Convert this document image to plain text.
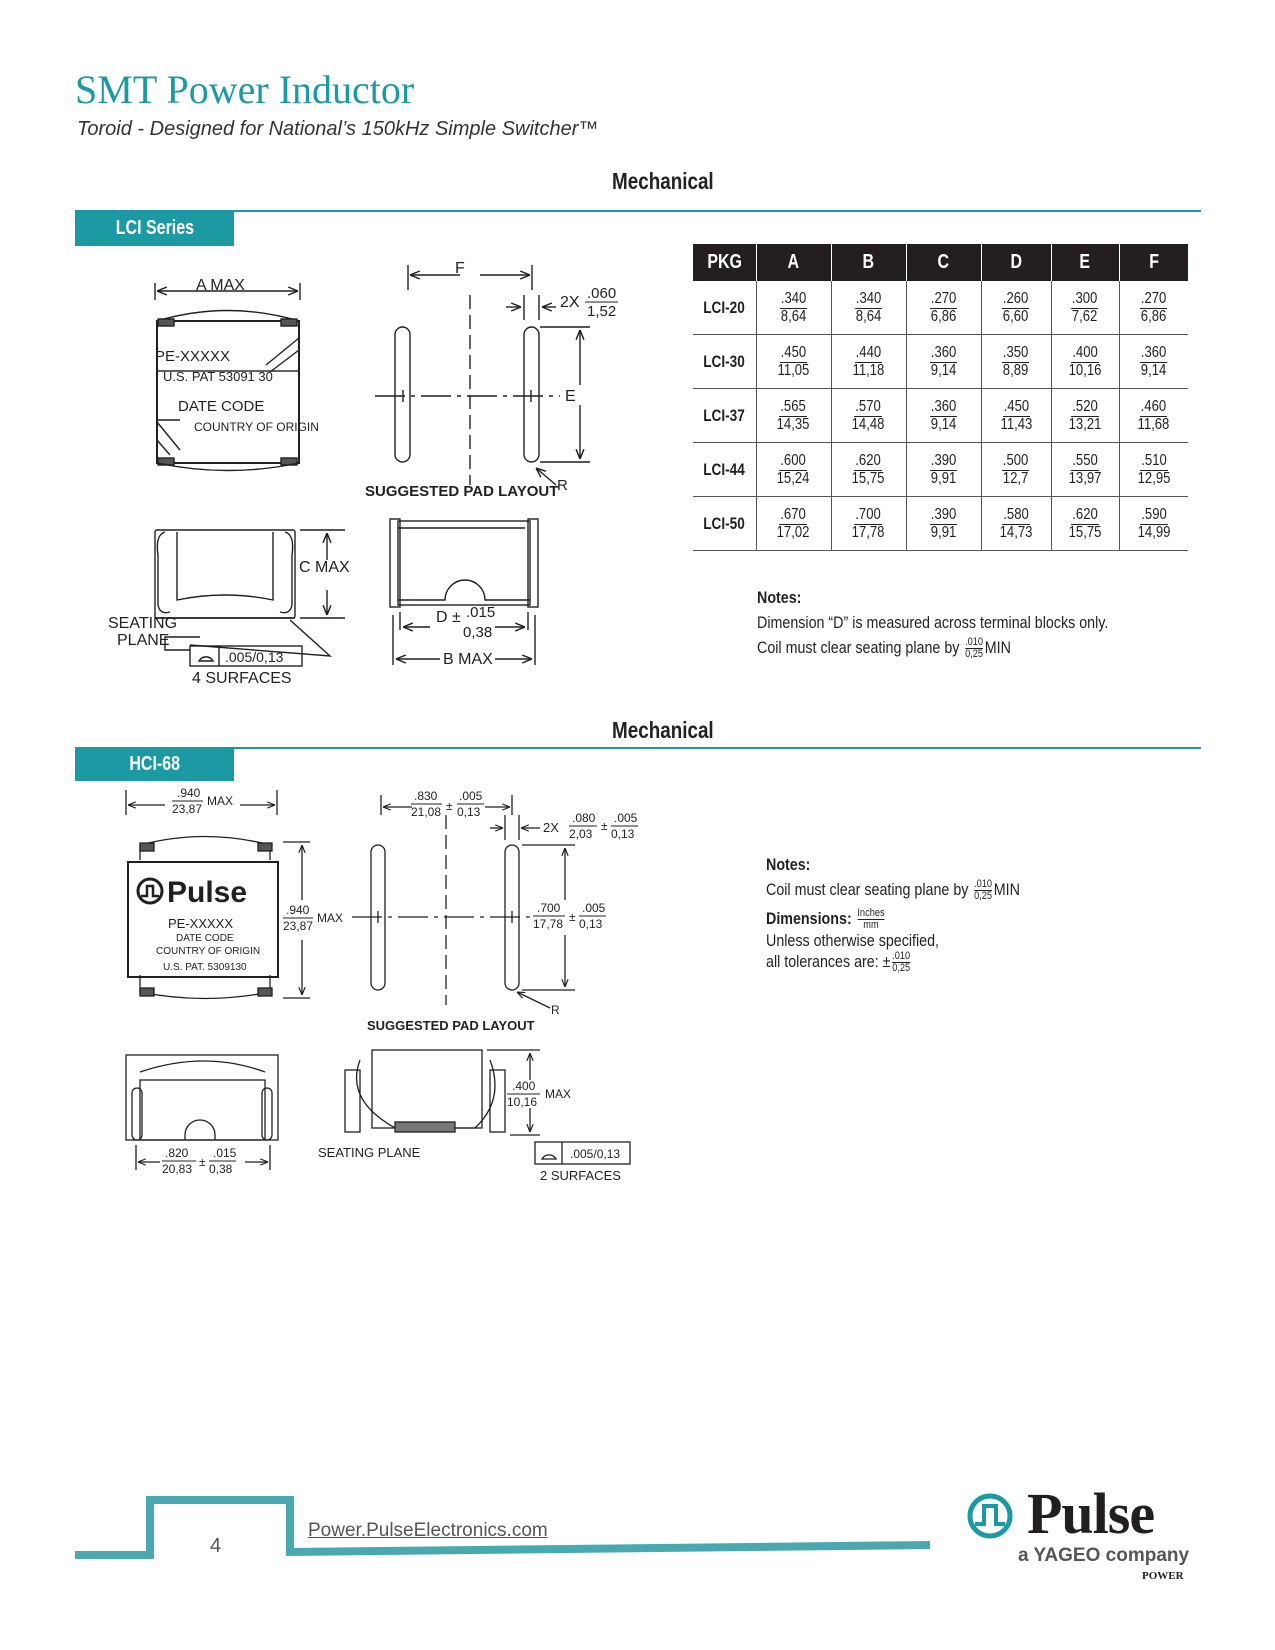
SMT Power Inductor
Toroid - Designed for National’s 150kHz Simple Switcher™
Mechanical
LCI Series
Mechanical
HCI-68
A MAX
F
2X
.060
1,52
E
R
SUGGESTED PAD LAYOUT
PE-XXXXX
U.S. PAT 53091 30
DATE CODE
COUNTRY OF ORIGIN
C MAX
SEATING
PLANE
.005/0,13
4 SURFACES
D ± .015
0,38
B MAX
.940
23,87
MAX
.940
23,87
MAX
.830
21,08 ±
.005
0,13
2X
.080
2,03
±
.005
0,13
.700
17,78 ±
.005
0,13
R
SUGGESTED PAD LAYOUT
Pulse
PE-XXXXX
DATE CODE
COUNTRY OF ORIGIN
U.S. PAT. 5309130
.820
20,83 ±
.015
0,38
.400
10,16
MAX
SEATING PLANE	.005/0,13
2 SURFACES
PKG	A	B	C	D	E	F
LCI-20	$\frac{.340}{8,64}$	$\frac{.340}{8,64}$	$\frac{.270}{6,86}$	$\frac{.260}{6,60}$	$\frac{.300}{7,62}$	$\frac{.270}{6,86}$

LCI-30	$\frac{.450}{11,05}$	$\frac{.440}{11,18}$	$\frac{.360}{9,14}$	$\frac{.350}{8,89}$	$\frac{.400}{10,16}$	$\frac{.360}{9,14}$

LCI-37	$\frac{.565}{14,35}$	$\frac{.570}{14,48}$	$\frac{.360}{9,14}$	$\frac{.450}{11,43}$	$\frac{.520}{13,21}$	$\frac{.460}{11,68}$

LCI-44	$\frac{.600}{15,24}$	$\frac{.620}{15,75}$	$\frac{.390}{9,91}$	$\frac{.500}{12,7}$	$\frac{.550}{13,97}$	$\frac{.510}{12,95}$

LCI-50	$\frac{.670}{17,02}$	$\frac{.700}{17,78}$	$\frac{.390}{9,91}$	$\frac{.580}{14,73}$	$\frac{.620}{15,75}$	$\frac{.590}{14,99}$
Notes:
Dimension “D” is measured across terminal blocks only.
Coil must clear seating plane by $\frac{.010}{0,25}$ MIN
Notes:
Coil must clear seating plane by $\frac{.010}{0,25}$ MIN
Dimensions: Inches
mm
Unless otherwise specified,
all tolerances are: ± $\frac{.010}{0,25}$
4
Power.PulseElectronics.com	Pulse
a YAGEO company
POWER
